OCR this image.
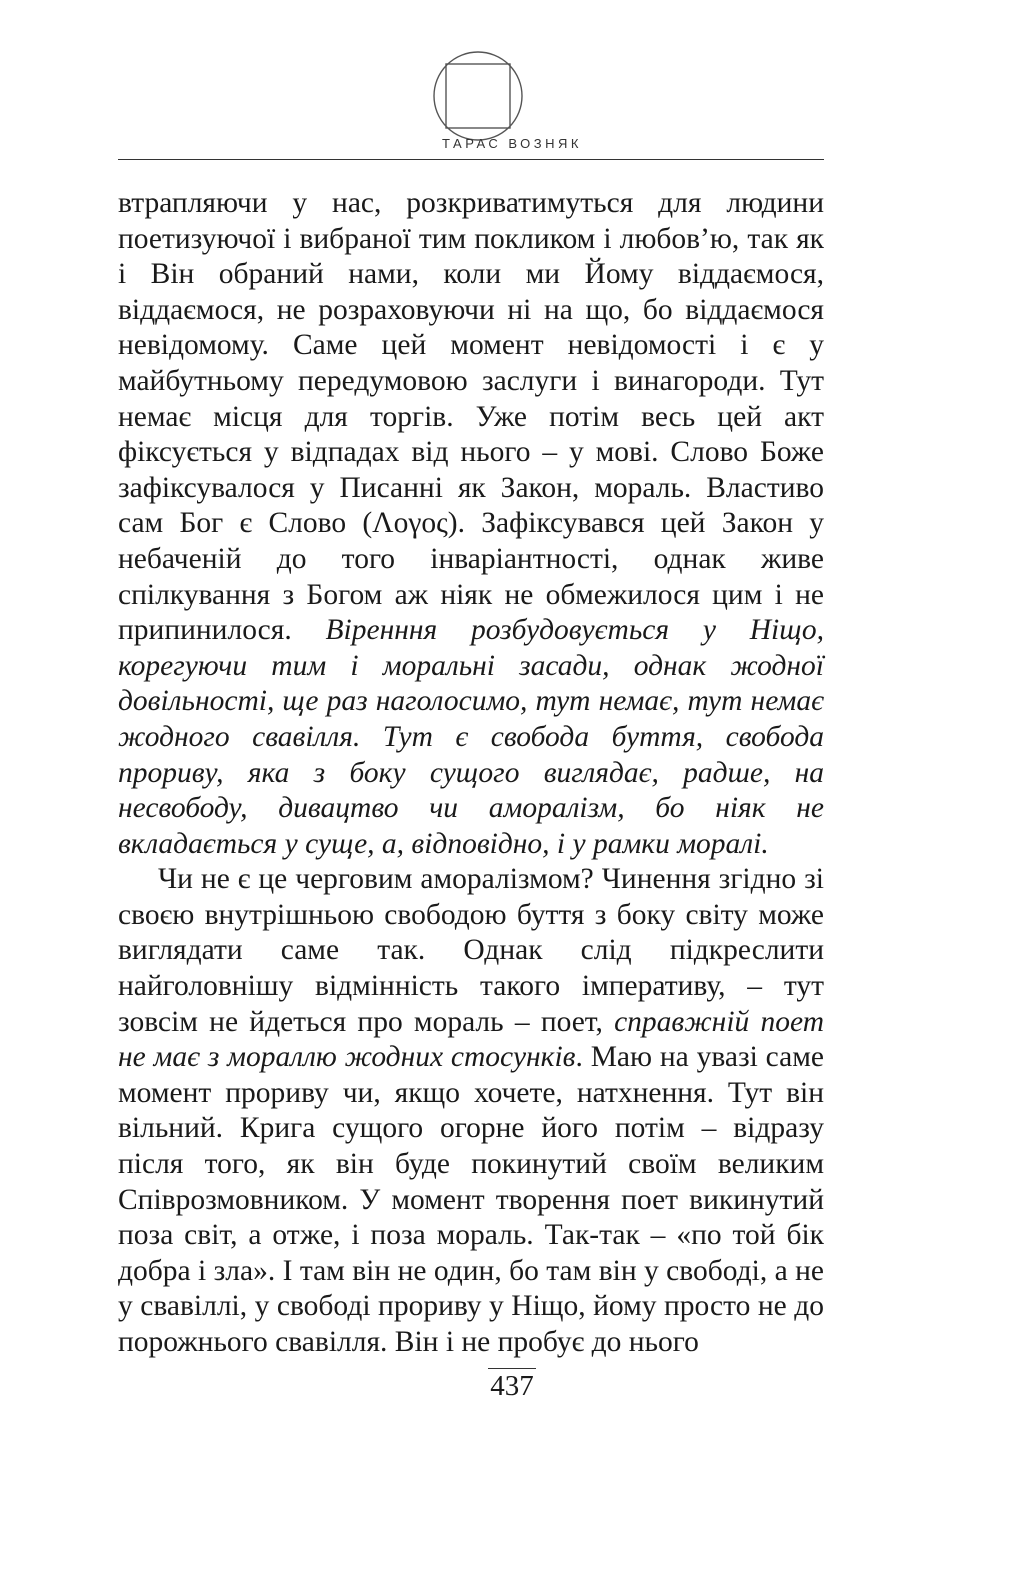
ТАРАС ВОЗНЯК

втрапляючи у нас, розкриватимуться для людини поетизуючої і вибраної тим покликом і любов’ю, так як і Він обраний нами, коли ми Йому віддаємося, віддаємося, не розраховуючи ні на що, бо віддаємося невідомому. Саме цей момент невідомості і є у майбутньому передумовою заслуги і винагороди. Тут немає місця для торгів. Уже потім весь цей акт фіксується у відпадах від нього – у мові. Слово Боже зафіксувалося у Писанні як Закон, мораль. Властиво сам Бог є Слово (Λογος). Зафіксувався цей Закон у небаченій до того інваріантності, однак живе спілкування з Богом аж ніяк не обмежилося цим і не припинилося. Віренння розбудовується у Ніщо, корегуючи тим і моральні засади, однак жодної довільності, ще раз наголосимо, тут немає, тут немає жодного свавілля. Тут є свобода буття, свобода прориву, яка з боку сущого виглядає, радше, на несвободу, дивацтво чи аморалізм, бо ніяк не вкладається у суще, а, відповідно, і у рамки моралі.

Чи не є це черговим аморалізмом? Чинення згідно зі своєю внутрішньою свободою буття з боку світу може виглядати саме так. Однак слід підкреслити найголовнішу відмінність такого імперативу, – тут зовсім не йдеться про мораль – поет, справжній поет не має з мораллю жодних стосунків. Маю на увазі саме момент прориву чи, якщо хочете, натхнення. Тут він вільний. Крига сущого огорне його потім – відразу після того, як він буде покинутий своїм великим Співрозмовником. У момент творення поет викинутий поза світ, а отже, і поза мораль. Так-так – «по той бік добра і зла». І там він не один, бо там він у свободі, а не у свавіллі, у свободі прориву у Ніщо, йому просто не до порожнього свавілля. Він і не пробує до нього

437
